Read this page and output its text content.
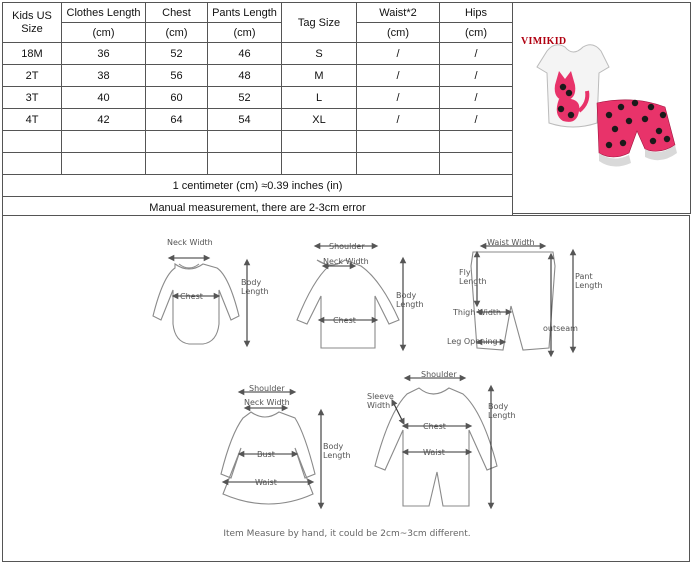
Kids US Size	Clothes Length	Chest	Pants Length	Tag Size	Waist*2	Hips
	(cm)	(cm)	(cm)		(cm)	(cm)
18M	36	52	46	S	/	/
2T	38	56	48	M	/	/
3T	40	60	52	L	/	/
4T	42	64	54	XL	/	/

1 centimeter (cm) ≈0.39 inches (in)						
Manual measurement, there are 2-3cm error						
VIMIKID
Neck Width
Chest
Body
Length
Shoulder
Neck Width
Chest
Body
Length
Waist Width
Fly
Length
Thigh Width
Leg Opening
outseam
Pant
Length
Shoulder
Neck Width
Bust
Waist
Body
Length
Shoulder
Sleeve
Width
Chest
Waist
Body
Length
Item Measure by hand, it could be 2cm~3cm different.
